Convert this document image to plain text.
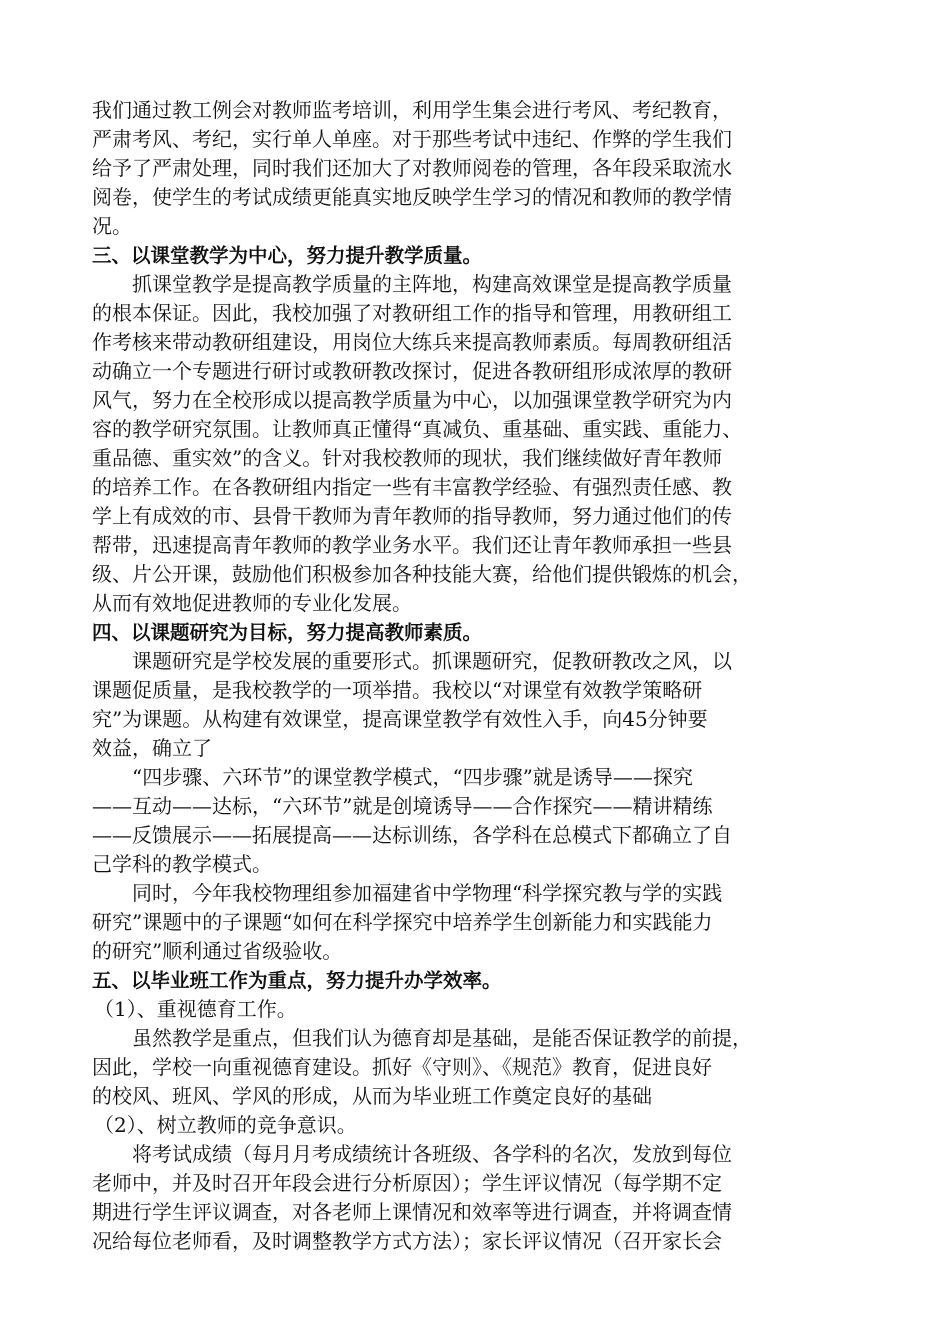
我们通过教工例会对教师监考培训，利用学生集会进行考风、考纪教育，
严肃考风、考纪，实行单人单座。对于那些考试中违纪、作弊的学生我们
给予了严肃处理，同时我们还加大了对教师阅卷的管理，各年段采取流水
阅卷，使学生的考试成绩更能真实地反映学生学习的情况和教师的教学情
况。
三、以课堂教学为中心，努力提升教学质量。
抓课堂教学是提高教学质量的主阵地，构建高效课堂是提高教学质量
的根本保证。因此，我校加强了对教研组工作的指导和管理，用教研组工
作考核来带动教研组建设，用岗位大练兵来提高教师素质。每周教研组活
动确立一个专题进行研讨或教研教改探讨，促进各教研组形成浓厚的教研
风气，努力在全校形成以提高教学质量为中心，以加强课堂教学研究为内
容的教学研究氛围。让教师真正懂得“真减负、重基础、重实践、重能力、
重品德、重实效”的含义。针对我校教师的现状，我们继续做好青年教师
的培养工作。在各教研组内指定一些有丰富教学经验、有强烈责任感、教
学上有成效的市、县骨干教师为青年教师的指导教师，努力通过他们的传
帮带，迅速提高青年教师的教学业务水平。我们还让青年教师承担一些县
级、片公开课，鼓励他们积极参加各种技能大赛，给他们提供锻炼的机会，
从而有效地促进教师的专业化发展。
四、以课题研究为目标，努力提高教师素质。
课题研究是学校发展的重要形式。抓课题研究，促教研教改之风，以
课题促质量，是我校教学的一项举措。我校以“对课堂有效教学策略研
究”为课题。从构建有效课堂，提高课堂教学有效性入手，向45分钟要
效益，确立了
“四步骤、六环节”的课堂教学模式，“四步骤”就是诱导——探究
——互动——达标，“六环节”就是创境诱导——合作探究——精讲精练
——反馈展示——拓展提高——达标训练，各学科在总模式下都确立了自
己学科的教学模式。
同时，今年我校物理组参加福建省中学物理“科学探究教与学的实践
研究”课题中的子课题“如何在科学探究中培养学生创新能力和实践能力
的研究”顺利通过省级验收。
五、以毕业班工作为重点，努力提升办学效率。
（1）、重视德育工作。
虽然教学是重点，但我们认为德育却是基础，是能否保证教学的前提，
因此，学校一向重视德育建设。抓好《守则》、《规范》教育，促进良好
的校风、班风、学风的形成，从而为毕业班工作奠定良好的基础
（2）、树立教师的竞争意识。
将考试成绩（每月月考成绩统计各班级、各学科的名次，发放到每位
老师中，并及时召开年段会进行分析原因）；学生评议情况（每学期不定
期进行学生评议调查，对各老师上课情况和效率等进行调查，并将调查情
况给每位老师看，及时调整教学方式方法）；家长评议情况（召开家长会
